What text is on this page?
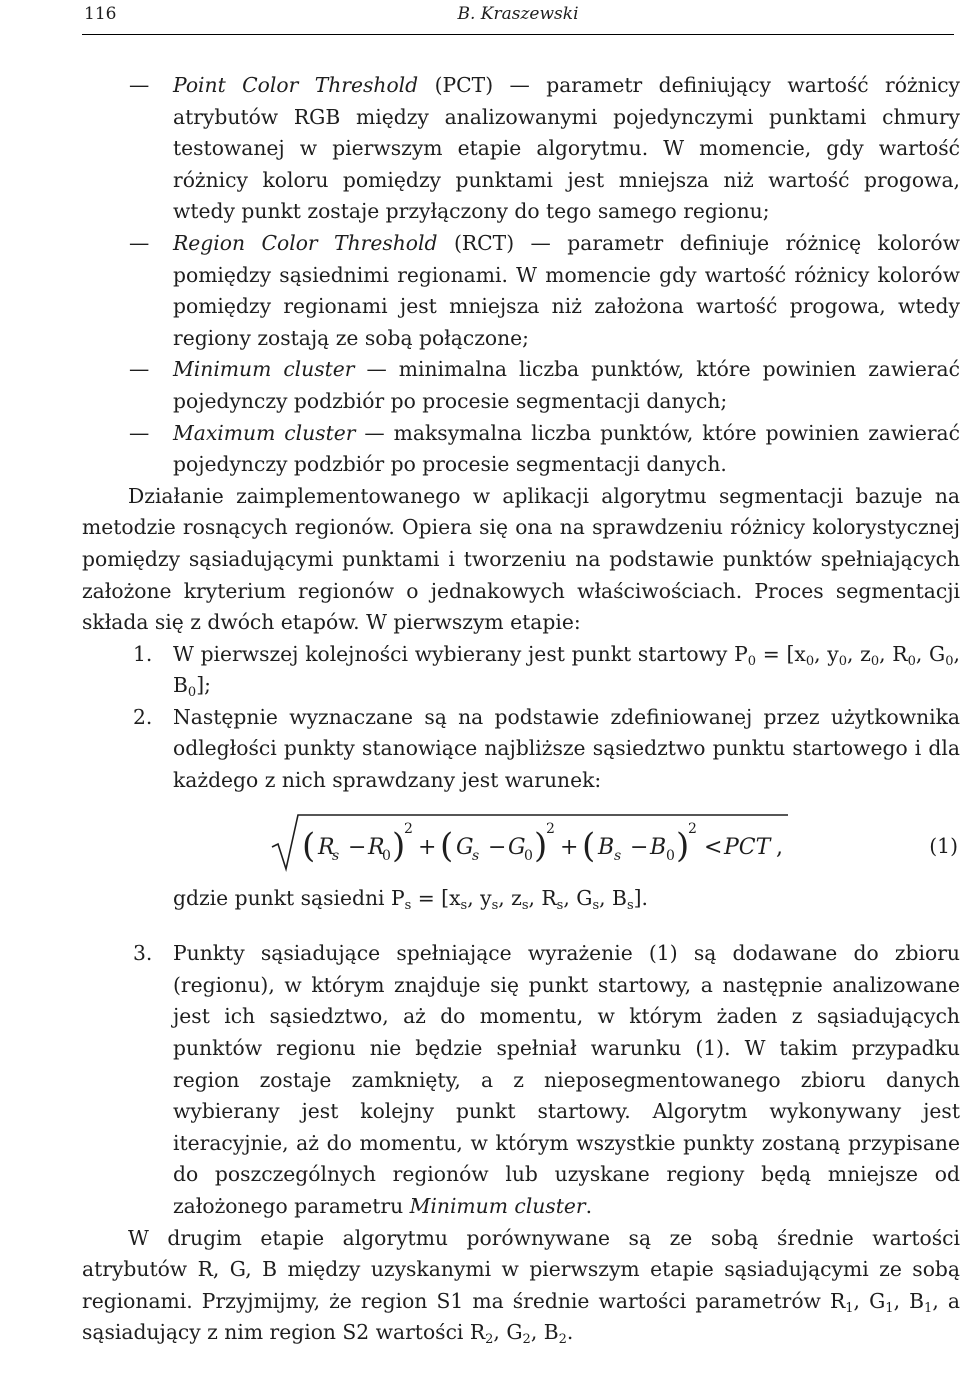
116	B. Kraszewski

— Point Color Threshold (PCT) — parametr definiujący wartość różnicy atrybutów RGB między analizowanymi pojedynczymi punktami chmury testowanej w pierwszym etapie algorytmu. W momencie, gdy wartość różnicy koloru pomiędzy punktami jest mniejsza niż wartość progowa, wtedy punkt zostaje przyłączony do tego samego regionu;

— Region Color Threshold (RCT) — parametr definiuje różnicę kolorów pomiędzy sąsiednimi regionami. W momencie gdy wartość różnicy kolorów pomiędzy regionami jest mniejsza niż założona wartość progowa, wtedy regiony zostają ze sobą połączone;

— Minimum cluster — minimalna liczba punktów, które powinien zawierać pojedynczy podzbiór po procesie segmentacji danych;

— Maximum cluster — maksymalna liczba punktów, które powinien zawierać pojedynczy podzbiór po procesie segmentacji danych.

Działanie zaimplementowanego w aplikacji algorytmu segmentacji bazuje na metodzie rosnących regionów. Opiera się ona na sprawdzeniu różnicy kolorystycznej pomiędzy sąsiadującymi punktami i tworzeniu na podstawie punktów spełniających założone kryterium regionów o jednakowych właściwościach. Proces segmentacji składa się z dwóch etapów. W pierwszym etapie:

1. W pierwszej kolejności wybierany jest punkt startowy $P_0 = [x_0$, $y_0$, $z_0$, $R_0$, $G_0$, $B_0$];

2. Następnie wyznaczane są na podstawie zdefiniowanej przez użytkownika odległości punkty stanowiące najbliższe sąsiedztwo punktu startowego i dla każdego z nich sprawdzany jest warunek:

( R
s − R
0 )
2
+ ( G
s − G
0 )
2
+ ( B s − B 0 )
2
< PCT ,	(1)

gdzie punkt sąsiedni $P_s = [x_s$, $y_s$, $z_s$, $R_s$, $G_s$, $B_s$].

3. Punkty sąsiadujące spełniające wyrażenie (1) są dodawane do zbioru (regionu), w którym znajduje się punkt startowy, a następnie analizowane jest ich sąsiedztwo, aż do momentu, w którym żaden z sąsiadujących punktów regionu nie będzie spełniał warunku (1). W takim przypadku region zostaje zamknięty, a z nieposegmentowanego zbioru danych wybierany jest kolejny punkt startowy. Algorytm wykonywany jest iteracyjnie, aż do momentu, w którym wszystkie punkty zostaną przypisane do poszczególnych regionów lub uzyskane regiony będą mniejsze od założonego parametru Minimum cluster.

W drugim etapie algorytmu porównywane są ze sobą średnie wartości atrybutów R, G, B między uzyskanymi w pierwszym etapie sąsiadującymi ze sobą regionami. Przyjmijmy, że region S1 ma średnie wartości parametrów $R_1$, $G_1$, $B_1$, a sąsiadujący z nim region S2 wartości $R_2$, $G_2$, $B_2$.
